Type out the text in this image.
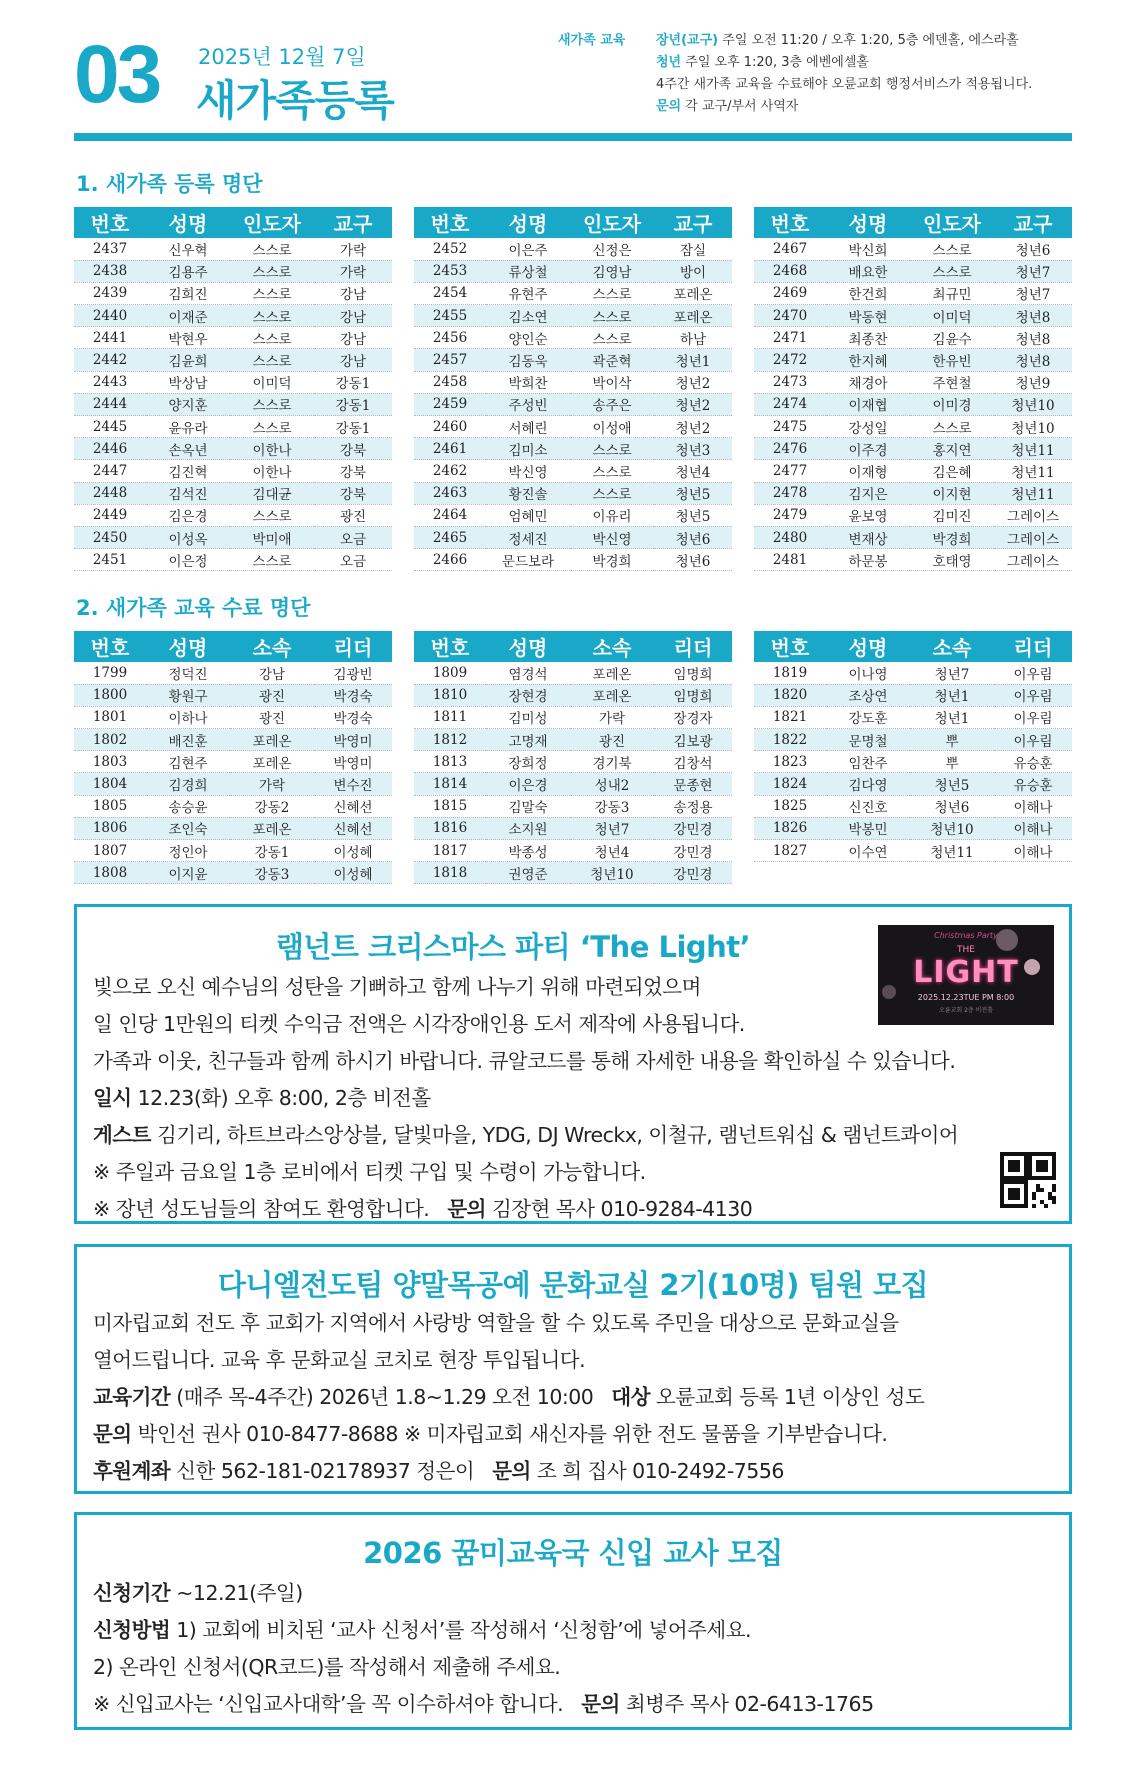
03 2025년 12월 7일
새가족등록
새가족 교육 장년(교구) 주일 오전 11:20 / 오후 1:20, 5층 에덴홀, 에스라홀
청년 주일 오후 1:20, 3층 에벤에셀홀
4주간 새가족 교육을 수료해야 오륜교회 행정서비스가 적용됩니다.
문의 각 교구/부서 사역자
1. 새가족 등록 명단
번호	성명	인도자	교구
2437	신우혁	스스로	가락
2438	김용주	스스로	가락
2439	김희진	스스로	강남
2440	이재준	스스로	강남
2441	박현우	스스로	강남
2442	김윤희	스스로	강남
2443	박상남	이미덕	강동1
2444	양지훈	스스로	강동1
2445	윤유라	스스로	강동1
2446	손옥년	이한나	강북
2447	김진혁	이한나	강북
2448	김석진	김대균	강북
2449	김은경	스스로	광진
2450	이성옥	박미애	오금
2451	이은정	스스로	오금
번호	성명	인도자	교구
2452	이은주	신정은	잠실
2453	류상철	김영남	방이
2454	유현주	스스로	포레온
2455	김소연	스스로	포레온
2456	양인순	스스로	하남
2457	김동욱	곽준혁	청년1
2458	박희찬	박이삭	청년2
2459	주성빈	송주은	청년2
2460	서혜린	이성애	청년2
2461	김미소	스스로	청년3
2462	박신영	스스로	청년4
2463	황진솔	스스로	청년5
2464	엄혜민	이유리	청년5
2465	정세진	박신영	청년6
2466	문드보라	박경희	청년6
번호	성명	인도자	교구
2467	박신희	스스로	청년6
2468	배요한	스스로	청년7
2469	한건희	최규민	청년7
2470	박동현	이미덕	청년8
2471	최종찬	김윤수	청년8
2472	한지혜	한유빈	청년8
2473	채경아	주현철	청년9
2474	이재협	이미경	청년10
2475	강성일	스스로	청년10
2476	이주경	홍지연	청년11
2477	이재형	김은혜	청년11
2478	김지은	이지현	청년11
2479	윤보영	김미진	그레이스
2480	변재상	박경희	그레이스
2481	하문봉	호태영	그레이스
2. 새가족 교육 수료 명단
번호	성명	소속	리더
1799	정덕진	강남	김광빈
1800	황원구	광진	박경숙
1801	이하나	광진	박경숙
1802	배진훈	포레온	박영미
1803	김현주	포레온	박영미
1804	김경희	가락	변수진
1805	송승윤	강동2	신혜선
1806	조인숙	포레온	신혜선
1807	정인아	강동1	이성혜
1808	이지윤	강동3	이성혜
번호	성명	소속	리더
1809	염경석	포레온	임명희
1810	장현경	포레온	임명희
1811	김미성	가락	장경자
1812	고명재	광진	김보광
1813	장희정	경기북	김창석
1814	이은경	성내2	문종현
1815	김말숙	강동3	송정용
1816	소지원	청년7	강민경
1817	박종성	청년4	강민경
1818	권영준	청년10	강민경
번호	성명	소속	리더
1819	이나영	청년7	이우림
1820	조상연	청년1	이우림
1821	강도훈	청년1	이우림
1822	문명철	뿌	이우림
1823	임찬주	뿌	유승훈
1824	김다영	청년5	유승훈
1825	신진호	청년6	이해나
1826	박봉민	청년10	이해나
1827	이수연	청년11	이해나
램넌트 크리스마스 파티 ‘The Light’
빛으로 오신 예수님의 성탄을 기뻐하고 함께 나누기 위해 마련되었으며
일 인당 1만원의 티켓 수익금 전액은 시각장애인용 도서 제작에 사용됩니다.
가족과 이웃, 친구들과 함께 하시기 바랍니다. 큐알코드를 통해 자세한 내용을 확인하실 수 있습니다.
일시 12.23(화) 오후 8:00, 2층 비전홀
게스트 김기리, 하트브라스앙상블, 달빛마을, YDG, DJ Wreckx, 이철규, 램넌트워십 & 램넌트콰이어
※ 주일과 금요일 1층 로비에서 티켓 구입 및 수령이 가능합니다.
※ 장년 성도님들의 참여도 환영합니다. 문의 김장현 목사 010-9284-4130
Christmas Party
THE
LIGHT
2025.12.23TUE PM 8:00
오륜교회 2층 비전홀
다니엘전도팀 양말목공예 문화교실 2기(10명) 팀원 모집
미자립교회 전도 후 교회가 지역에서 사랑방 역할을 할 수 있도록 주민을 대상으로 문화교실을
열어드립니다. 교육 후 문화교실 코치로 현장 투입됩니다.
교육기간 (매주 목-4주간) 2026년 1.8~1.29 오전 10:00 대상 오륜교회 등록 1년 이상인 성도
문의 박인선 권사 010-8477-8688 ※ 미자립교회 새신자를 위한 전도 물품을 기부받습니다.
후원계좌 신한 562-181-02178937 정은이 문의 조 희 집사 010-2492-7556
2026 꿈미교육국 신입 교사 모집
신청기간 ~12.21(주일)
신청방법 1) 교회에 비치된 ‘교사 신청서’를 작성해서 ‘신청함’에 넣어주세요.
2) 온라인 신청서(QR코드)를 작성해서 제출해 주세요.
※ 신입교사는 ‘신입교사대학’을 꼭 이수하셔야 합니다. 문의 최병주 목사 02-6413-1765
